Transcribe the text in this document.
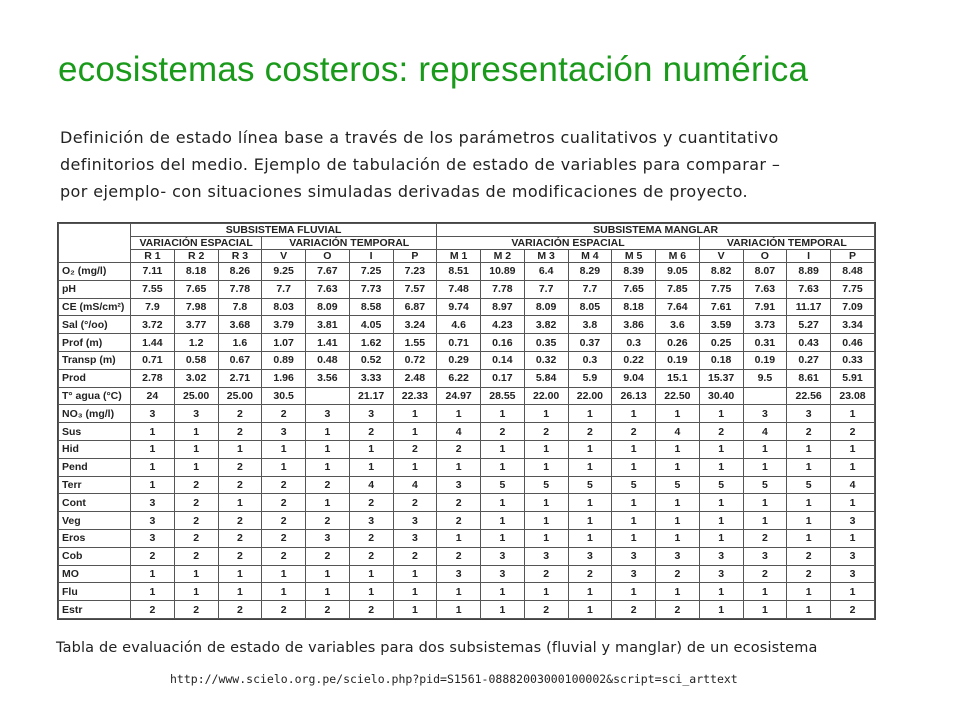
ecosistemas costeros: representación numérica
Definición de estado línea base a través de los parámetros cualitativos y cuantitativo
definitorios del medio. Ejemplo de tabulación de estado de variables para comparar –
por ejemplo- con situaciones simuladas derivadas de modificaciones de proyecto.
	SUBSISTEMA FLUVIAL							SUBSISTEMA MANGLAR									
	VARIACIÓN ESPACIAL			VARIACIÓN TEMPORAL				VARIACIÓN ESPACIAL						VARIACIÓN TEMPORAL			
	R 1	R 2	R 3	V	O	I	P	M 1	M 2	M 3	M 4	M 5	M 6	V	O	I	P
O₂ (mg/l)	7.11	8.18	8.26	9.25	7.67	7.25	7.23	8.51	10.89	6.4	8.29	8.39	9.05	8.82	8.07	8.89	8.48
pH	7.55	7.65	7.78	7.7	7.63	7.73	7.57	7.48	7.78	7.7	7.7	7.65	7.85	7.75	7.63	7.63	7.75
CE (mS/cm²)	7.9	7.98	7.8	8.03	8.09	8.58	6.87	9.74	8.97	8.09	8.05	8.18	7.64	7.61	7.91	11.17	7.09
Sal (°/oo)	3.72	3.77	3.68	3.79	3.81	4.05	3.24	4.6	4.23	3.82	3.8	3.86	3.6	3.59	3.73	5.27	3.34
Prof (m)	1.44	1.2	1.6	1.07	1.41	1.62	1.55	0.71	0.16	0.35	0.37	0.3	0.26	0.25	0.31	0.43	0.46
Transp (m)	0.71	0.58	0.67	0.89	0.48	0.52	0.72	0.29	0.14	0.32	0.3	0.22	0.19	0.18	0.19	0.27	0.33
Prod	2.78	3.02	2.71	1.96	3.56	3.33	2.48	6.22	0.17	5.84	5.9	9.04	15.1	15.37	9.5	8.61	5.91
T° agua (°C)	24	25.00	25.00	30.5		21.17	22.33	24.97	28.55	22.00	22.00	26.13	22.50	30.40		22.56	23.08
NO₃ (mg/l)	3	3	2	2	3	3	1	1	1	1	1	1	1	1	3	3	1
Sus	1	1	2	3	1	2	1	4	2	2	2	2	4	2	4	2	2
Hid	1	1	1	1	1	1	2	2	1	1	1	1	1	1	1	1	1
Pend	1	1	2	1	1	1	1	1	1	1	1	1	1	1	1	1	1
Terr	1	2	2	2	2	4	4	3	5	5	5	5	5	5	5	5	4
Cont	3	2	1	2	1	2	2	2	1	1	1	1	1	1	1	1	1
Veg	3	2	2	2	2	3	3	2	1	1	1	1	1	1	1	1	3
Eros	3	2	2	2	3	2	3	1	1	1	1	1	1	1	2	1	1
Cob	2	2	2	2	2	2	2	2	3	3	3	3	3	3	3	2	3
MO	1	1	1	1	1	1	1	3	3	2	2	3	2	3	2	2	3
Flu	1	1	1	1	1	1	1	1	1	1	1	1	1	1	1	1	1
Estr	2	2	2	2	2	2	1	1	1	2	1	2	2	1	1	1	2
Tabla de evaluación de estado de variables para dos subsistemas (fluvial y manglar) de un ecosistema
http://www.scielo.org.pe/scielo.php?pid=S1561-08882003000100002&script=sci_arttext
